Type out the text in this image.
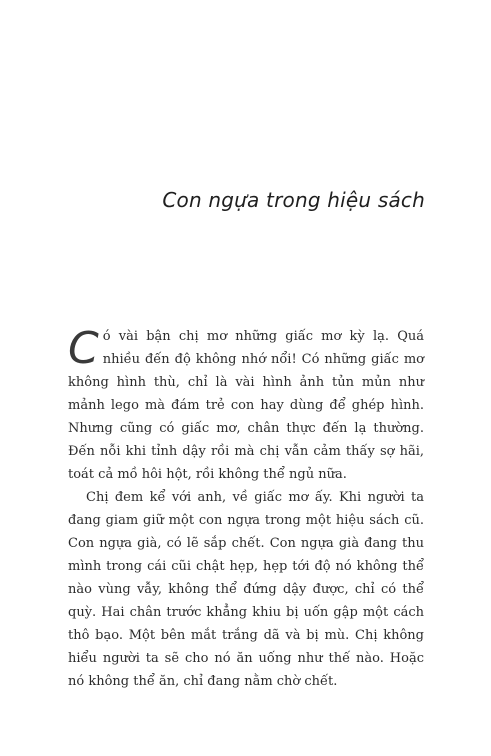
Con ngựa trong hiệu sách

Có vài bận chị mơ những giấc mơ kỳ lạ. Quá nhiều đến độ không nhớ nổi! Có những giấc mơ không hình thù, chỉ là vài hình ảnh tủn mủn như mảnh lego mà đám trẻ con hay dùng để ghép hình. Nhưng cũng có giấc mơ, chân thực đến lạ thường. Đến nỗi khi tỉnh dậy rồi mà chị vẫn cảm thấy sợ hãi, toát cả mồ hôi hột, rồi không thể ngủ nữa.

Chị đem kể với anh, về giấc mơ ấy. Khi người ta đang giam giữ một con ngựa trong một hiệu sách cũ. Con ngựa già, có lẽ sắp chết. Con ngựa già đang thu mình trong cái cũi chật hẹp, hẹp tới độ nó không thể nào vùng vẫy, không thể đứng dậy được, chỉ có thể quỳ. Hai chân trước khẳng khiu bị uốn gập một cách thô bạo. Một bên mắt trắng dã và bị mù. Chị không hiểu người ta sẽ cho nó ăn uống như thế nào. Hoặc nó không thể ăn, chỉ đang nằm chờ chết.
